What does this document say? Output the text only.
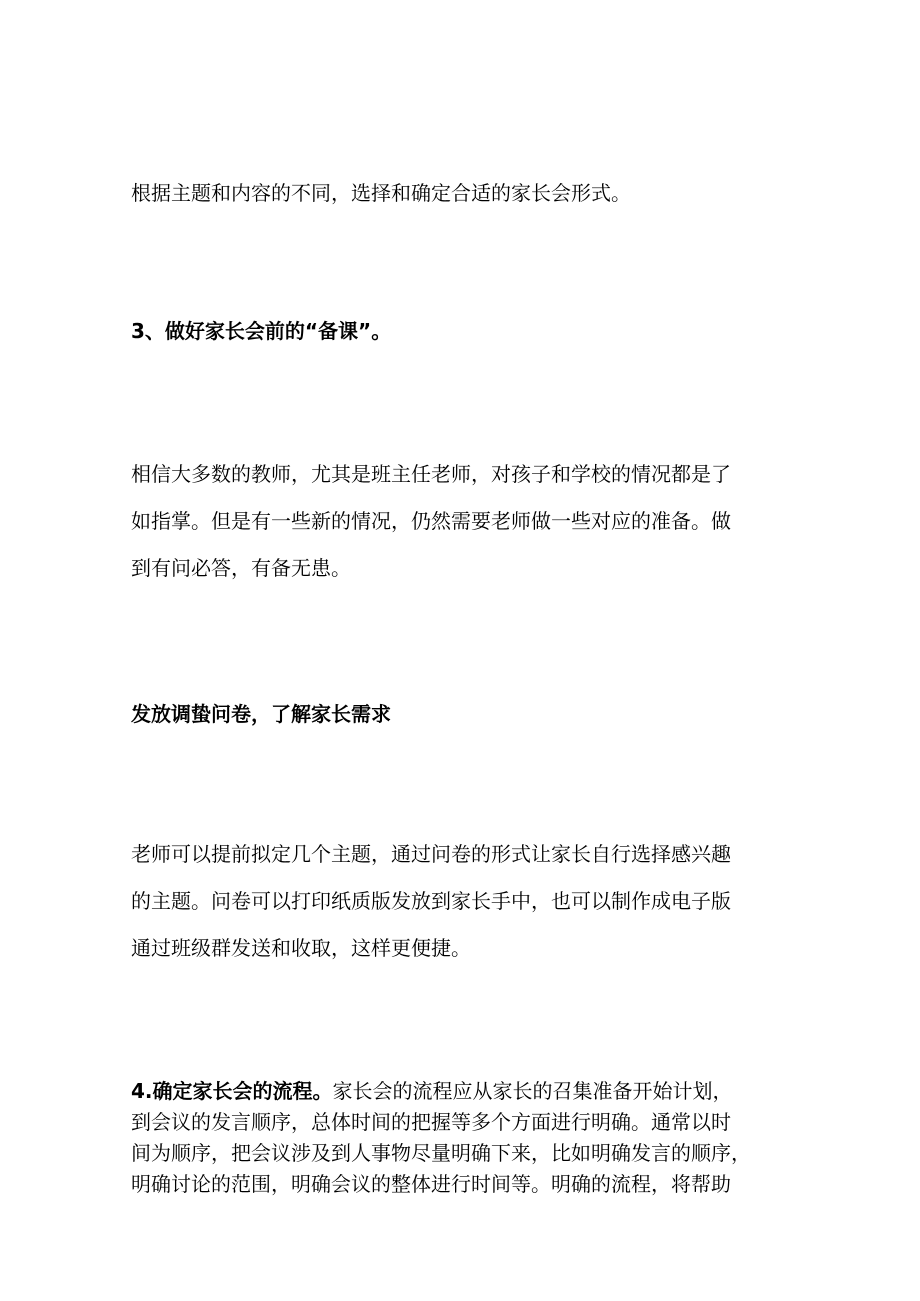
根据主题和内容的不同，选择和确定合适的家长会形式。

3、做好家长会前的“备课”。

相信大多数的教师，尤其是班主任老师，对孩子和学校的情况都是了
如指掌。但是有一些新的情况，仍然需要老师做一些对应的准备。做
到有问必答，有备无患。

发放调蛰问卷，了解家长需求

老师可以提前拟定几个主题，通过问卷的形式让家长自行选择感兴趣
的主题。问卷可以打印纸质版发放到家长手中，也可以制作成电子版
通过班级群发送和收取，这样更便捷。

4.确定家长会的流程。家长会的流程应从家长的召集准备开始计划，
到会议的发言顺序，总体时间的把握等多个方面进行明确。通常以时
间为顺序，把会议涉及到人事物尽量明确下来，比如明确发言的顺序，
明确讨论的范围，明确会议的整体进行时间等。明确的流程，将帮助
